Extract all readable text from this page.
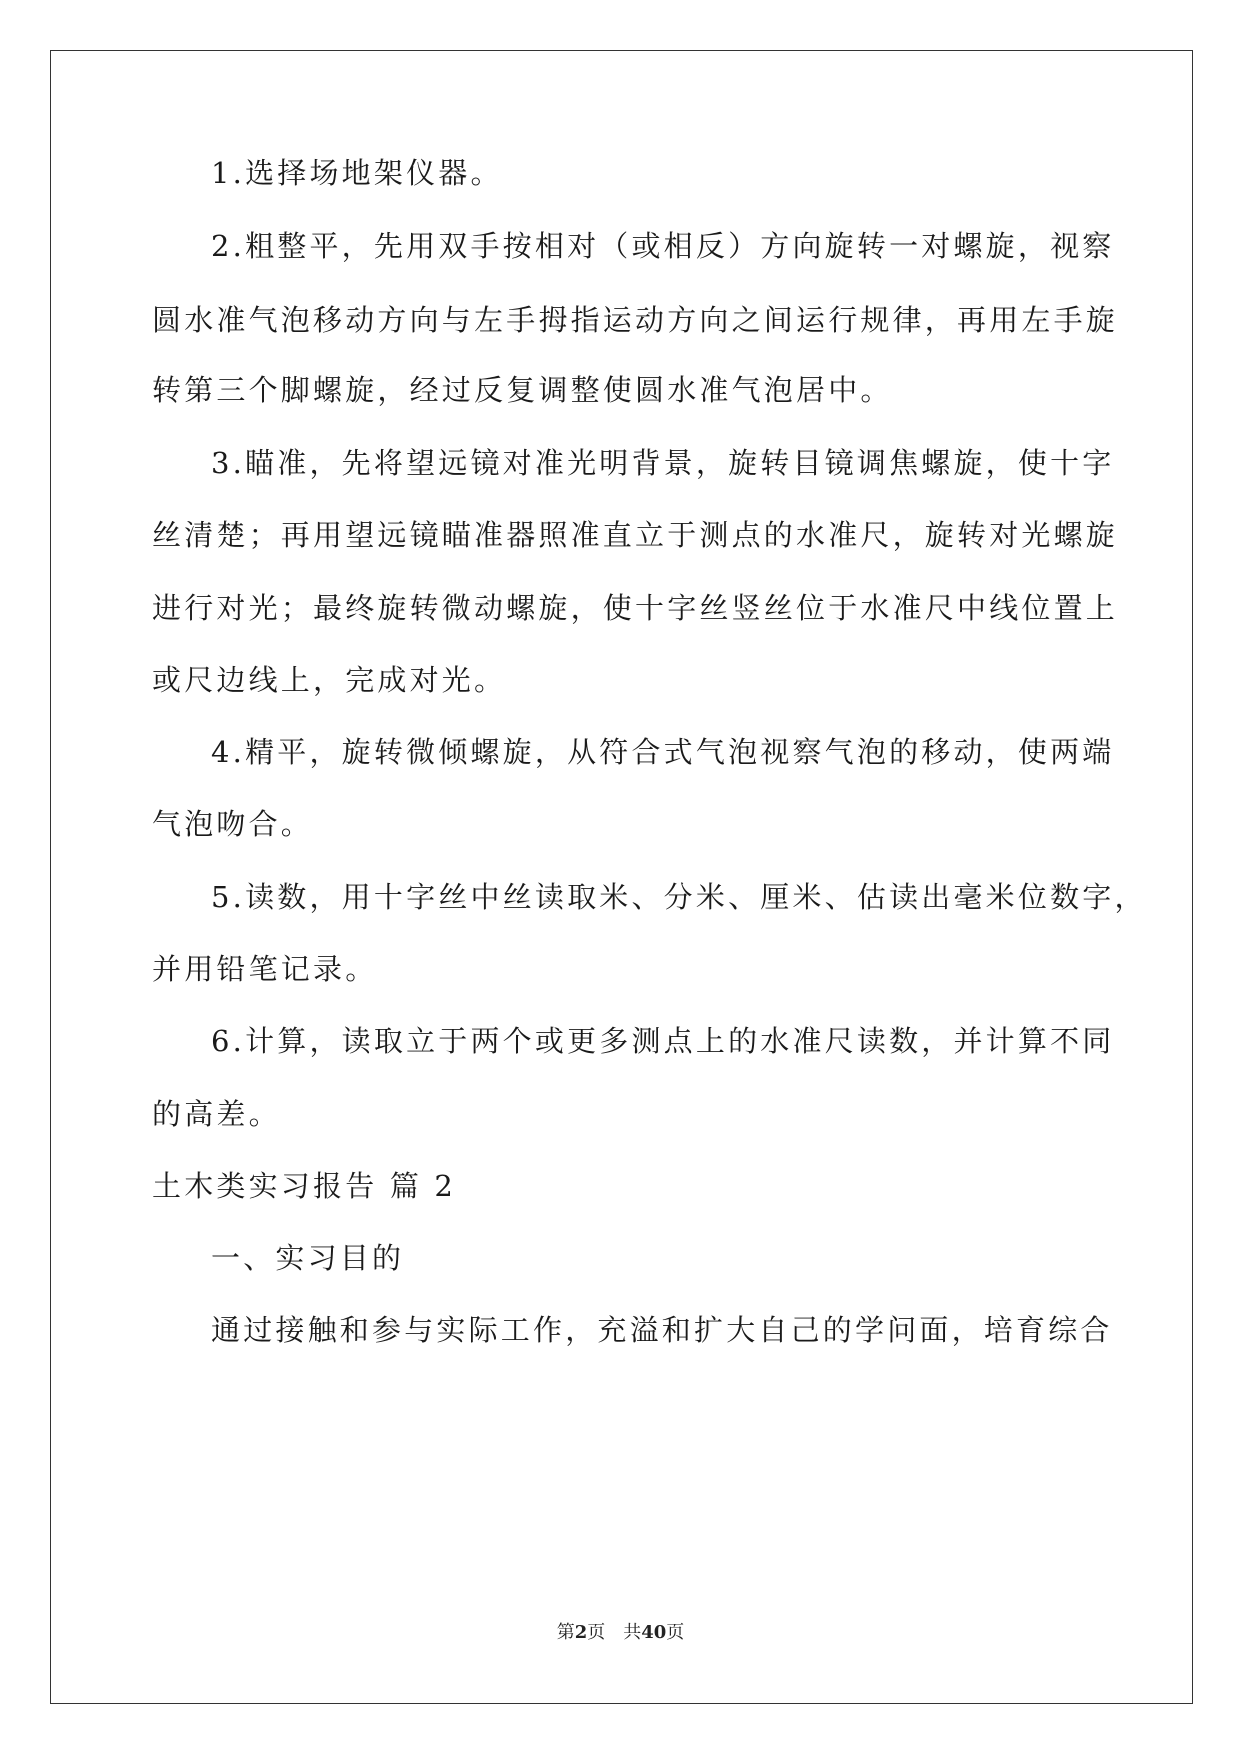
1.选择场地架仪器。
2.粗整平，先用双手按相对（或相反）方向旋转一对螺旋，视察
圆水准气泡移动方向与左手拇指运动方向之间运行规律，再用左手旋
转第三个脚螺旋，经过反复调整使圆水准气泡居中。
3.瞄准，先将望远镜对准光明背景，旋转目镜调焦螺旋，使十字
丝清楚；再用望远镜瞄准器照准直立于测点的水准尺，旋转对光螺旋
进行对光；最终旋转微动螺旋，使十字丝竖丝位于水准尺中线位置上
或尺边线上，完成对光。
4.精平，旋转微倾螺旋，从符合式气泡视察气泡的移动，使两端
气泡吻合。
5.读数，用十字丝中丝读取米、分米、厘米、估读出毫米位数字，
并用铅笔记录。
6.计算，读取立于两个或更多测点上的水准尺读数，并计算不同
的高差。
土木类实习报告 篇 2
一、实习目的
通过接触和参与实际工作，充溢和扩大自己的学问面，培育综合
第2页　共40页
